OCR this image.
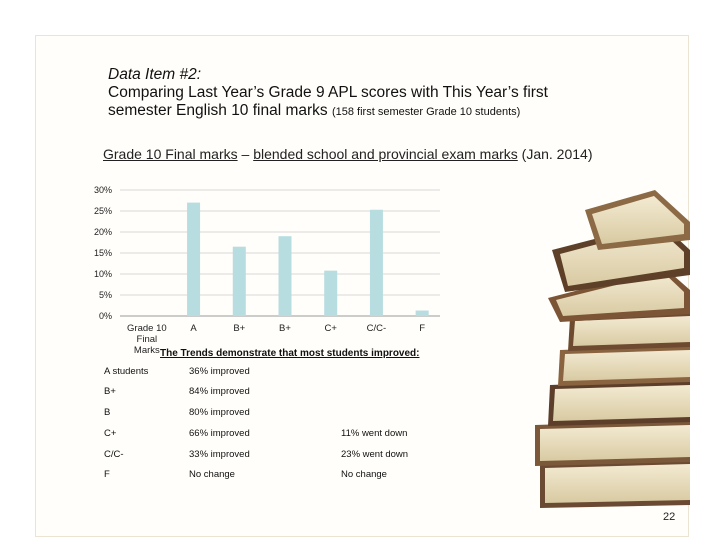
Data Item #2:
Comparing Last Year’s Grade 9 APL scores with This Year’s first
semester English 10 final marks (158 first semester Grade 10 students)
Grade 10 Final marks – blended school and provincial exam marks (Jan. 2014)
0%
5%
10%
15%
20%
25%
30%
Grade 10
Final
Marks
A	B+	B+	C+	C/C-	F
The Trends demonstrate that most students improved:
A students	36% improved
B+	84% improved
B	80% improved
C+	66% improved	11% went down
C/C-	33% improved	23% went down
F	No change	No change
22
